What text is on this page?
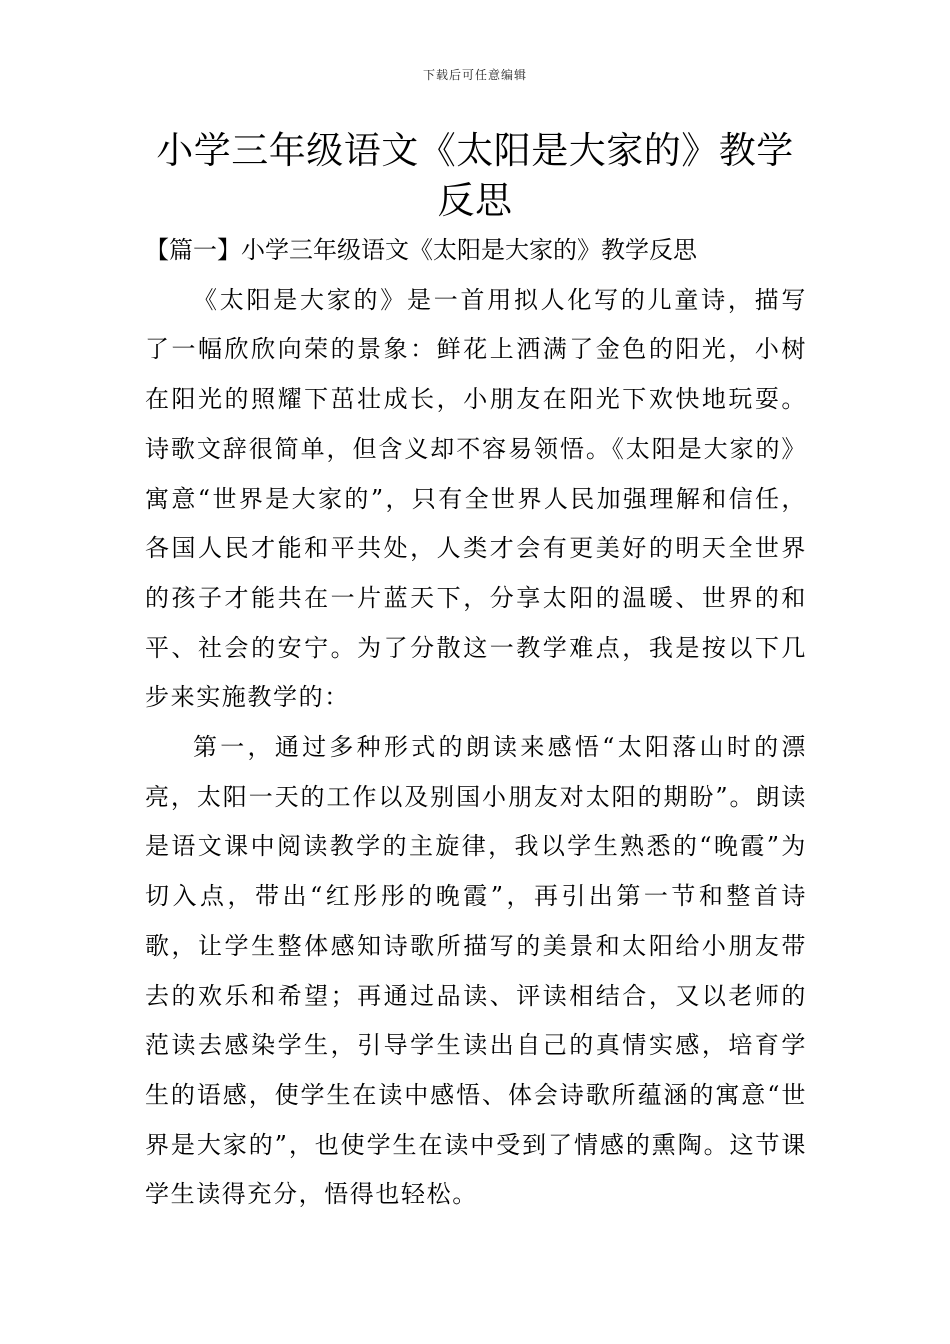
下载后可任意编辑
小学三年级语文《太阳是大家的》教学反思
【篇一】小学三年级语文《太阳是大家的》教学反思

《太阳是大家的》是一首用拟人化写的儿童诗，描写了一幅欣欣向荣的景象：鲜花上洒满了金色的阳光，小树在阳光的照耀下茁壮成长，小朋友在阳光下欢快地玩耍。诗歌文辞很简单，但含义却不容易领悟。《太阳是大家的》寓意“世界是大家的”，只有全世界人民加强理解和信任，各国人民才能和平共处，人类才会有更美好的明天全世界的孩子才能共在一片蓝天下，分享太阳的温暖、世界的和平、社会的安宁。为了分散这一教学难点，我是按以下几步来实施教学的：

第一，通过多种形式的朗读来感悟“太阳落山时的漂亮，太阳一天的工作以及别国小朋友对太阳的期盼”。朗读是语文课中阅读教学的主旋律，我以学生熟悉的“晚霞”为切入点，带出“红彤彤的晚霞”，再引出第一节和整首诗歌，让学生整体感知诗歌所描写的美景和太阳给小朋友带去的欢乐和希望；再通过品读、评读相结合，又以老师的范读去感染学生，引导学生读出自己的真情实感，培育学生的语感，使学生在读中感悟、体会诗歌所蕴涵的寓意“世界是大家的”，也使学生在读中受到了情感的熏陶。这节课学生读得充分，悟得也轻松。
